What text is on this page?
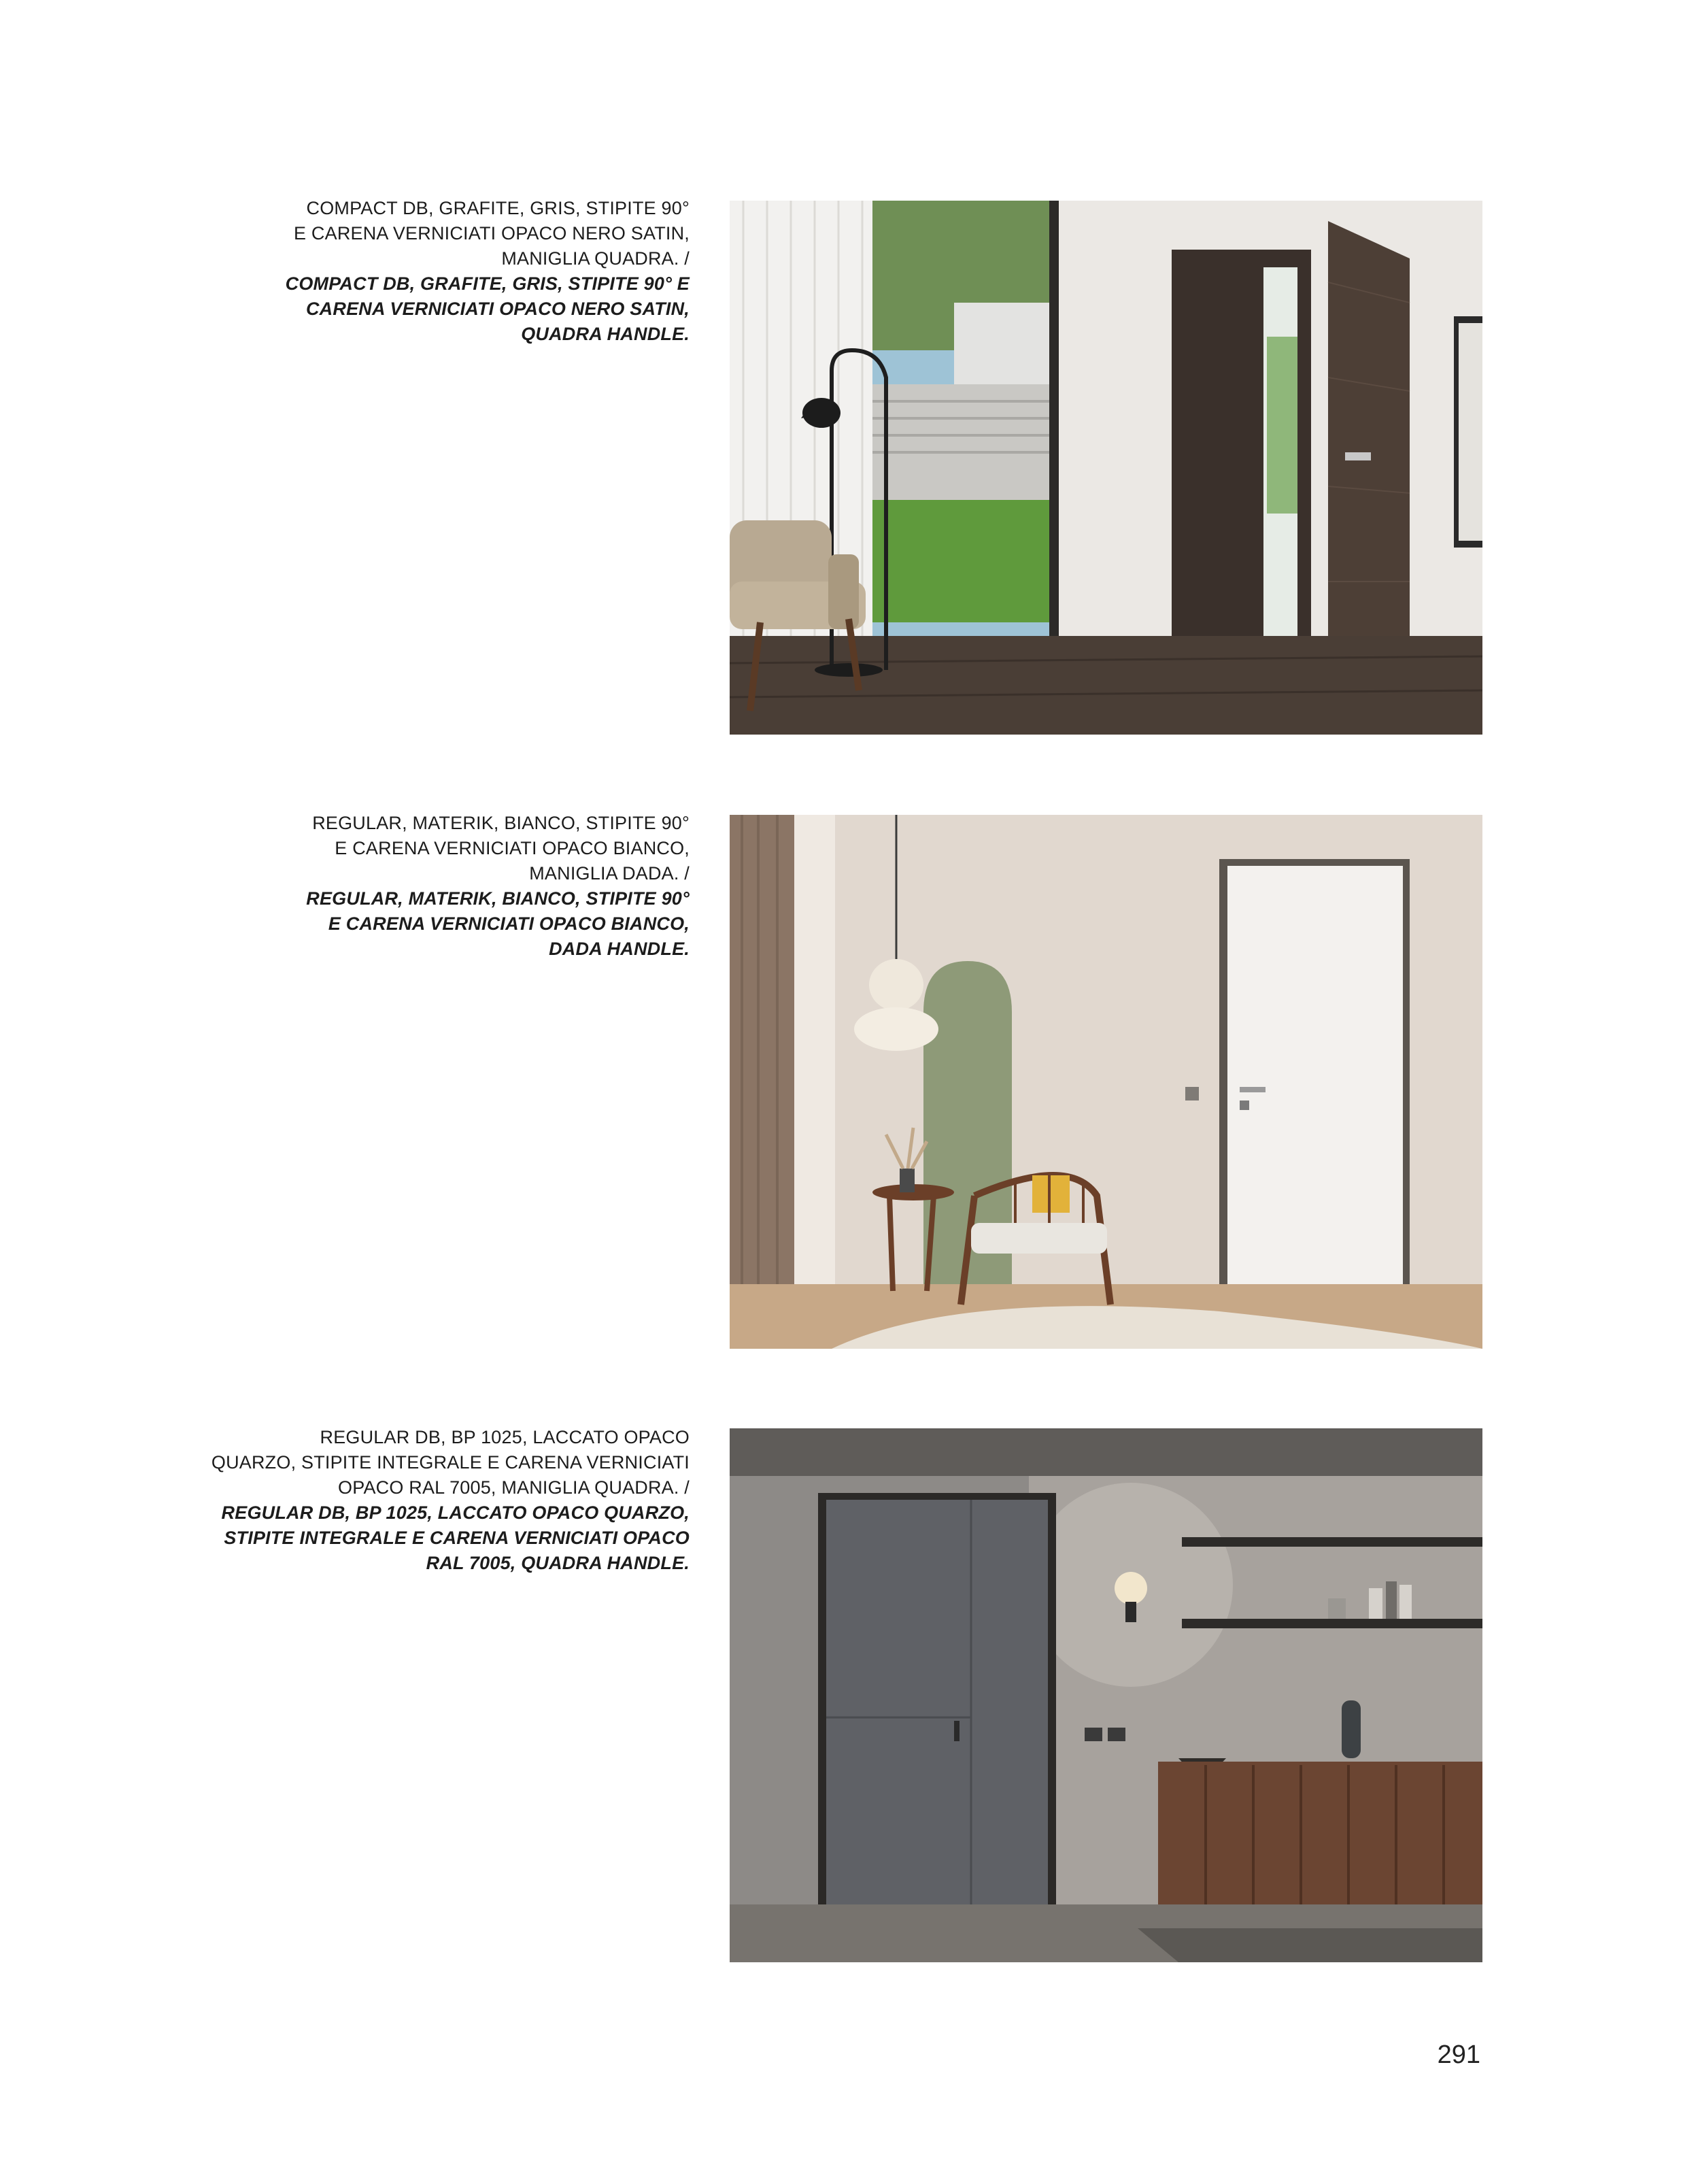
COMPACT DB, GRAFITE, GRIS, STIPITE 90°
E CARENA VERNICIATI OPACO NERO SATIN,
MANIGLIA QUADRA. /
COMPACT DB, GRAFITE, GRIS, STIPITE 90° E
CARENA VERNICIATI OPACO NERO SATIN,
QUADRA HANDLE.
REGULAR, MATERIK, BIANCO, STIPITE 90°
E CARENA VERNICIATI OPACO BIANCO,
MANIGLIA DADA. /
REGULAR, MATERIK, BIANCO, STIPITE 90°
E CARENA VERNICIATI OPACO BIANCO,
DADA HANDLE.
REGULAR DB, BP 1025, LACCATO OPACO
QUARZO, STIPITE INTEGRALE E CARENA VERNICIATI
OPACO RAL 7005, MANIGLIA QUADRA. /
REGULAR DB, BP 1025, LACCATO OPACO QUARZO,
STIPITE INTEGRALE E CARENA VERNICIATI OPACO
RAL 7005, QUADRA HANDLE.
291
